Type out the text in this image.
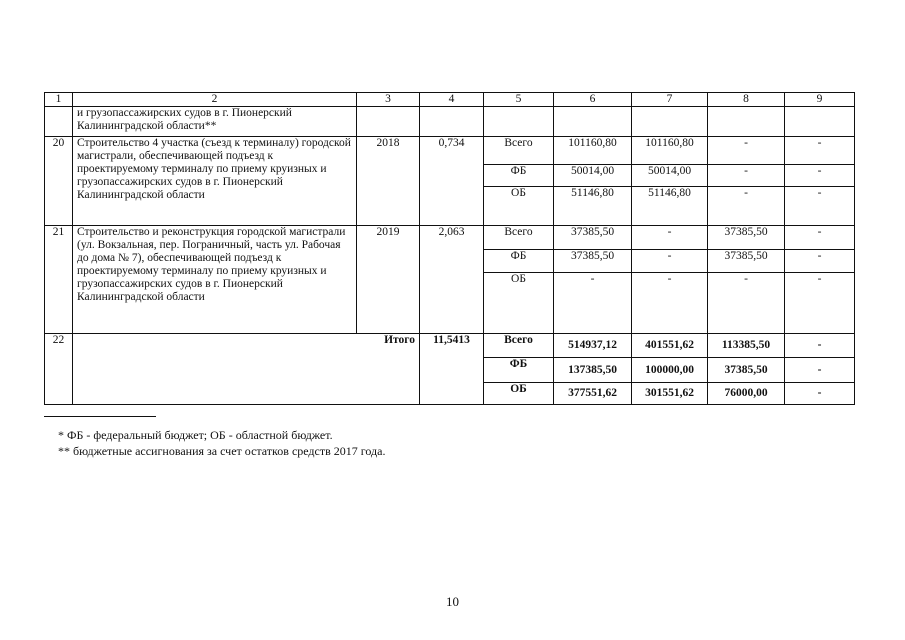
1	2	3	4	5	6	7	8	9
	и грузопассажирских судов в г. Пионерский Калининградской области**							
20	Строительство 4 участка (съезд к терминалу) городской магистрали, обеспечивающей подъезд к проектируемому терминалу по приему круизных и грузопассажирских судов в г. Пионерский Калининградской области	2018	0,734	Всего	101160,80	101160,80	-	-
				ФБ	50014,00	50014,00	-	-
				ОБ	51146,80	51146,80	-	-
21	Строительство и реконструкция городской магистрали (ул. Вокзальная, пер. Пограничный, часть ул. Рабочая до дома № 7), обеспечивающей подъезд к проектируемому терминалу по приему круизных и грузопассажирских судов в г. Пионерский Калининградской области	2019	2,063	Всего	37385,50	-	37385,50	-
				ФБ	37385,50	-	37385,50	-
				ОБ	-	-	-	-
22	Итого		11,5413	Всего	514937,12	401551,62	113385,50	-
				ФБ	137385,50	100000,00	37385,50	-
				ОБ	377551,62	301551,62	76000,00	-
* ФБ - федеральный бюджет; ОБ - областной бюджет.
** бюджетные ассигнования за счет остатков средств 2017 года.
10
